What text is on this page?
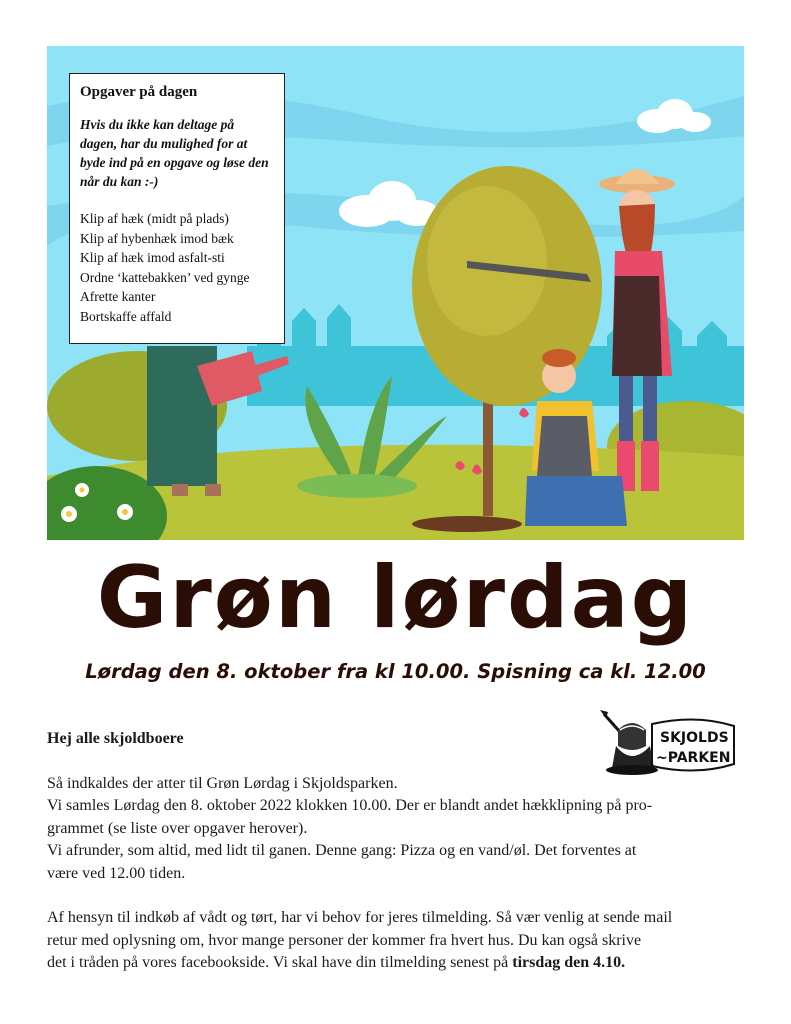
Opgaver på dagen

Hvis du ikke kan deltage på dagen, har du mulighed for at byde ind på en opgave og løse den når du kan :-)

Klip af hæk (midt på plads)
Klip af hybenhæk imod bæk
Klip af hæk imod asfalt-sti
Ordne ‘kattebakken’ ved gynge
Afrette kanter
Bortskaffe affald
Grøn lørdag
Lørdag den 8. oktober fra kl 10.00. Spisning ca kl. 12.00
SKJOLDS
~PARKEN

Hej alle skjoldboere

Så indkaldes der atter til Grøn Lørdag i Skjoldsparken.

Vi samles Lørdag den 8. oktober 2022 klokken 10.00. Der er blandt andet hækklipning på pro-

grammet (se liste over opgaver herover).

Vi afrunder, som altid, med lidt til ganen. Denne gang: Pizza og en vand/øl. Det forventes at

være ved 12.00 tiden.

Af hensyn til indkøb af vådt og tørt, har vi behov for jeres tilmelding. Så vær venlig at sende mail

retur med oplysning om, hvor mange personer der kommer fra hvert hus. Du kan også skrive

det i tråden på vores facebookside. Vi skal have din tilmelding senest på tirsdag den 4.10.
